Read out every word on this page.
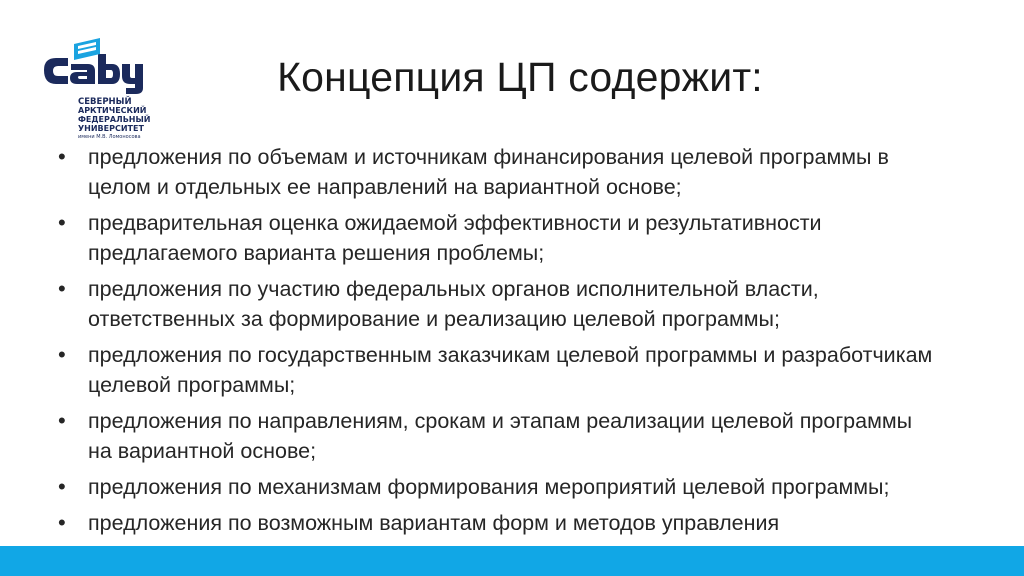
СЕВЕРНЫЙ
АРКТИЧЕСКИЙ
ФЕДЕРАЛЬНЫЙ
УНИВЕРСИТЕТ
имени М.В. Ломоносова
Концепция ЦП содержит:
• предложения по объемам и источникам финансирования целевой программы в целом и отдельных ее направлений на вариантной основе;
• предварительная оценка ожидаемой эффективности и результативности предлагаемого варианта решения проблемы;
• предложения по участию федеральных органов исполнительной власти, ответственных за формирование и реализацию целевой программы;
• предложения по государственным заказчикам целевой программы и разработчикам целевой программы;
• предложения по направлениям, срокам и этапам реализации целевой программы на вариантной основе;
• предложения по механизмам формирования мероприятий целевой программы;
• предложения по возможным вариантам форм и методов управления
